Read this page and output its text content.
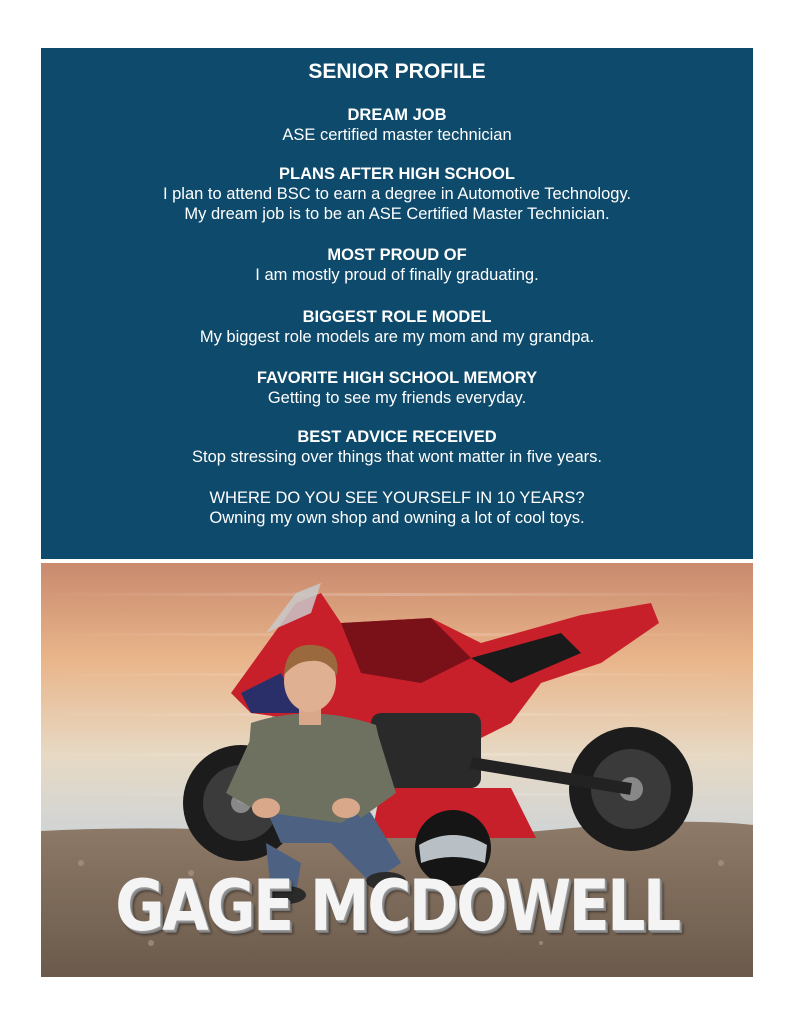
SENIOR PROFILE
DREAM JOB
ASE certified master technician
PLANS AFTER HIGH SCHOOL
I plan to attend BSC to earn a degree in Automotive Technology.
My dream job is to be an ASE Certified Master Technician.
MOST PROUD OF
I am mostly proud of finally graduating.
BIGGEST ROLE MODEL
My biggest role models are my mom and my grandpa.
FAVORITE HIGH SCHOOL MEMORY
Getting to see my friends everyday.
BEST ADVICE RECEIVED
Stop stressing over things that wont matter in five years.
WHERE DO YOU SEE YOURSELF IN 10 YEARS?
Owning my own shop and owning a lot of cool toys.
GAGE MCDOWELL
